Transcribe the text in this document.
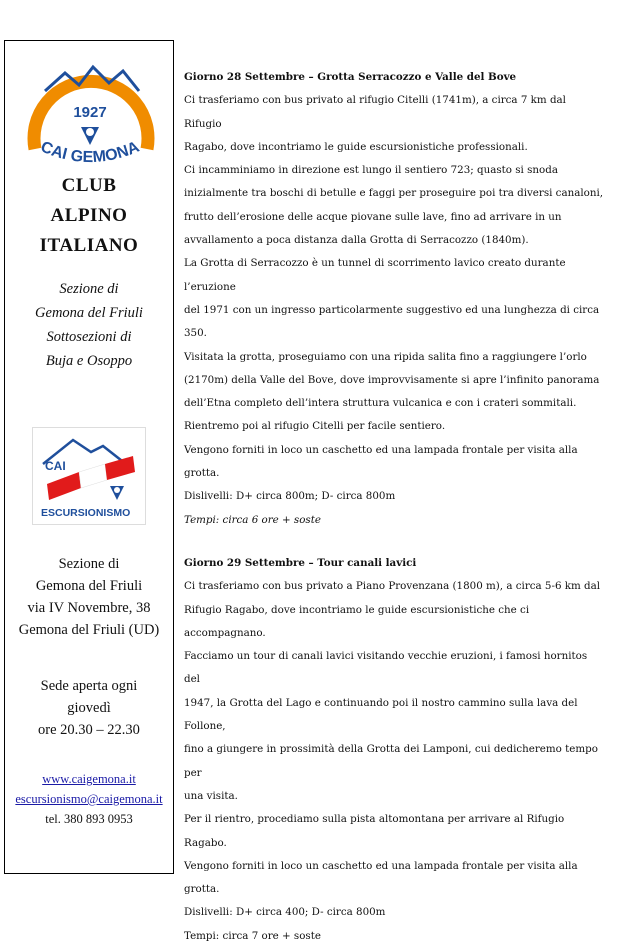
1927
CAI GEMONA
CLUB
ALPINO
ITALIANO
Sezione di
Gemona del Friuli
Sottosezioni di
Buja e Osoppo
CAI
ESCURSIONISMO
Sezione di
Gemona del Friuli
via IV Novembre, 38
Gemona del Friuli (UD)
Sede aperta ogni
giovedì
ore 20.30 – 22.30
www.caigemona.it
escursionismo@caigemona.it
tel. 380 893 0953

Giorno 28 Settembre – Grotta Serracozzo e Valle del Bove

Ci trasferiamo con bus privato al rifugio Citelli (1741m), a circa 7 km dal Rifugio

Ragabo, dove incontriamo le guide escursionistiche professionali.

Ci incamminiamo in direzione est lungo il sentiero 723; quasto si snoda

inizialmente tra boschi di betulle e faggi per proseguire poi tra diversi canaloni,

frutto dell’erosione delle acque piovane sulle lave, fino ad arrivare in un

avvallamento a poca distanza dalla Grotta di Serracozzo (1840m).

La Grotta di Serracozzo è un tunnel di scorrimento lavico creato durante l’eruzione

del 1971 con un ingresso particolarmente suggestivo ed una lunghezza di circa 350.

Visitata la grotta, proseguiamo con una ripida salita fino a raggiungere l’orlo

(2170m) della Valle del Bove, dove improvvisamente si apre l’infinito panorama

dell’Etna completo dell’intera struttura vulcanica e con i crateri sommitali.

Rientremo poi al rifugio Citelli per facile sentiero.

Vengono forniti in loco un caschetto ed una lampada frontale per visita alla grotta.

Dislivelli: D+ circa 800m; D- circa 800m

Tempi: circa 6 ore + soste

Giorno 29 Settembre – Tour canali lavici

Ci trasferiamo con bus privato a Piano Provenzana (1800 m), a circa 5-6 km dal

Rifugio Ragabo, dove incontriamo le guide escursionistiche che ci accompagnano.

Facciamo un tour di canali lavici visitando vecchie eruzioni, i famosi hornitos del

1947, la Grotta del Lago e continuando poi il nostro cammino sulla lava del Follone,

fino a giungere in prossimità della Grotta dei Lamponi, cui dedicheremo tempo per

una visita.

Per il rientro, procediamo sulla pista altomontana per arrivare al Rifugio Ragabo.

Vengono forniti in loco un caschetto ed una lampada frontale per visita alla grotta.

Dislivelli: D+ circa 400; D- circa 800m

Tempi: circa 7 ore + soste
